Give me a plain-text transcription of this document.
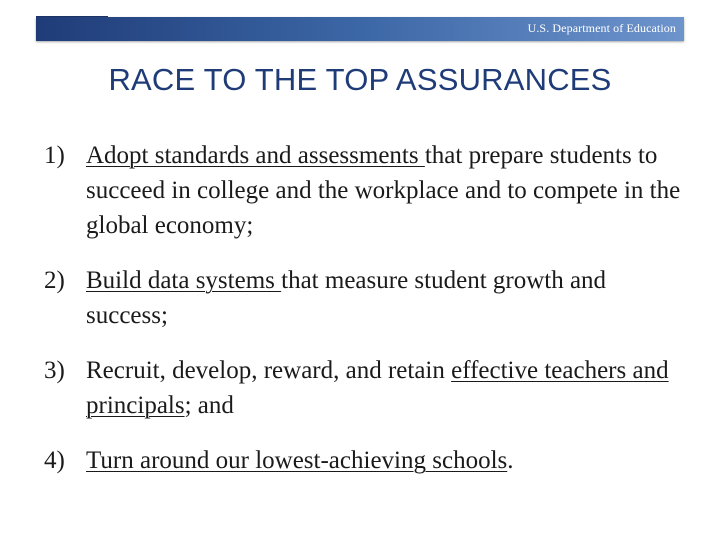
U.S. Department of Education
RACE TO THE TOP ASSURANCES
1) Adopt standards and assessments that prepare students to succeed in college and the workplace and to compete in the global economy;
2) Build data systems that measure student growth and success;
3) Recruit, develop, reward, and retain effective teachers and principals; and
4) Turn around our lowest-achieving schools.
